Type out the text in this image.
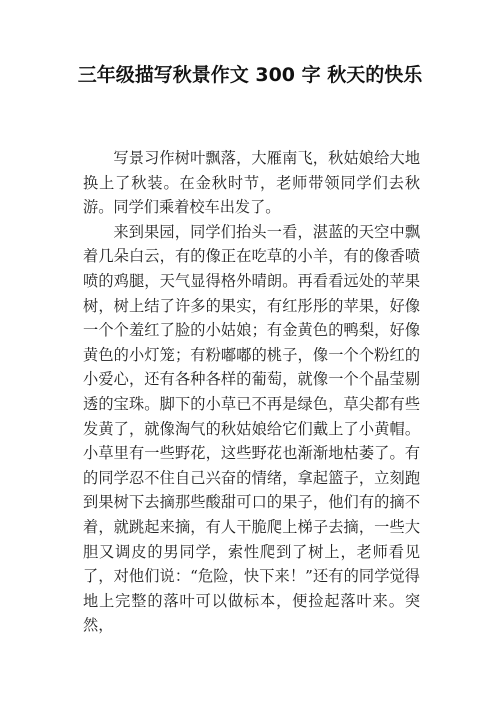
三年级描写秋景作文 300 字 秋天的快乐

写景习作树叶飘落，大雁南飞，秋姑娘给大地换上了秋装。在金秋时节，老师带领同学们去秋游。同学们乘着校车出发了。

来到果园，同学们抬头一看，湛蓝的天空中飘着几朵白云，有的像正在吃草的小羊，有的像香喷喷的鸡腿，天气显得格外晴朗。再看看远处的苹果树，树上结了许多的果实，有红彤彤的苹果，好像一个个羞红了脸的小姑娘；有金黄色的鸭梨，好像黄色的小灯笼；有粉嘟嘟的桃子，像一个个粉红的小爱心，还有各种各样的葡萄，就像一个个晶莹剔透的宝珠。脚下的小草已不再是绿色，草尖都有些发黄了，就像淘气的秋姑娘给它们戴上了小黄帽。小草里有一些野花，这些野花也渐渐地枯萎了。有的同学忍不住自己兴奋的情绪，拿起篮子，立刻跑到果树下去摘那些酸甜可口的果子，他们有的摘不着，就跳起来摘，有人干脆爬上梯子去摘，一些大胆又调皮的男同学，索性爬到了树上，老师看见了，对他们说：“危险，快下来！”还有的同学觉得地上完整的落叶可以做标本，便捡起落叶来。突然，
